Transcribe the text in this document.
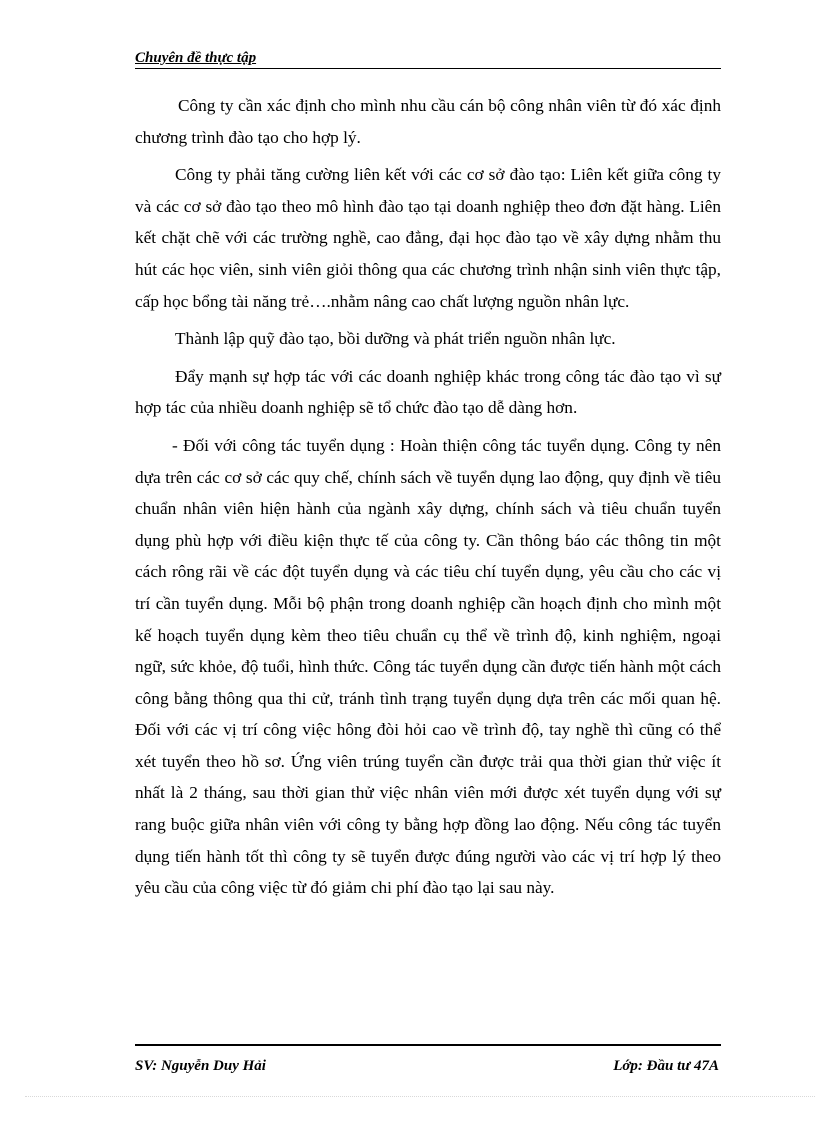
Chuyên đề thực tập

Công ty cần xác định cho mình nhu cầu cán bộ công nhân viên từ đó xác định chương trình đào tạo cho hợp lý.

Công ty phải tăng cường liên kết với các cơ sở đào tạo: Liên kết giữa công ty và các cơ sở đào tạo theo mô hình đào tạo tại doanh nghiệp theo đơn đặt hàng. Liên kết chặt chẽ với các trường nghề, cao đẳng, đại học đào tạo về xây dựng nhằm thu hút các học viên, sinh viên giỏi thông qua các chương trình nhận sinh viên thực tập, cấp học bổng tài năng trẻ….nhằm nâng cao chất lượng nguồn nhân lực.

Thành lập quỹ đào tạo, bồi dưỡng và phát triển nguồn nhân lực.

Đẩy mạnh sự hợp tác với các doanh nghiệp khác trong công tác đào tạo vì sự hợp tác của nhiều doanh nghiệp sẽ tổ chức đào tạo dễ dàng hơn.

- Đối với công tác tuyển dụng : Hoàn thiện công tác tuyển dụng. Công ty nên dựa trên các cơ sở các quy chế, chính sách về tuyển dụng lao động, quy định về tiêu chuẩn nhân viên hiện hành của ngành xây dựng, chính sách và tiêu chuẩn tuyển dụng phù hợp với điều kiện thực tế của công ty. Cần thông báo các thông tin một cách rông rãi về các đột tuyển dụng và các tiêu chí tuyển dụng, yêu cầu cho các vị trí cần tuyển dụng. Mỗi bộ phận trong doanh nghiệp cần hoạch định cho mình một kế hoạch tuyển dụng kèm theo tiêu chuẩn cụ thể về trình độ, kinh nghiệm, ngoại ngữ, sức khỏe, độ tuổi, hình thức. Công tác tuyển dụng cần được tiến hành một cách công bằng thông qua thi cử, tránh tình trạng tuyển dụng dựa trên các mối quan hệ. Đối với các vị trí công việc hông đòi hỏi cao về trình độ, tay nghề thì cũng có thể xét tuyển theo hồ sơ. Ứng viên trúng tuyển cần được trải qua thời gian thử việc ít nhất là 2 tháng, sau thời gian thử việc nhân viên mới được xét tuyển dụng với sự rang buộc giữa nhân viên với công ty bằng hợp đồng lao động. Nếu công tác tuyển dụng tiến hành tốt thì công ty sẽ tuyển được đúng người vào các vị trí hợp lý theo yêu cầu của công việc từ đó giảm chi phí đào tạo lại sau này.

SV: Nguyễn Duy Hải	Lớp: Đầu tư 47A
